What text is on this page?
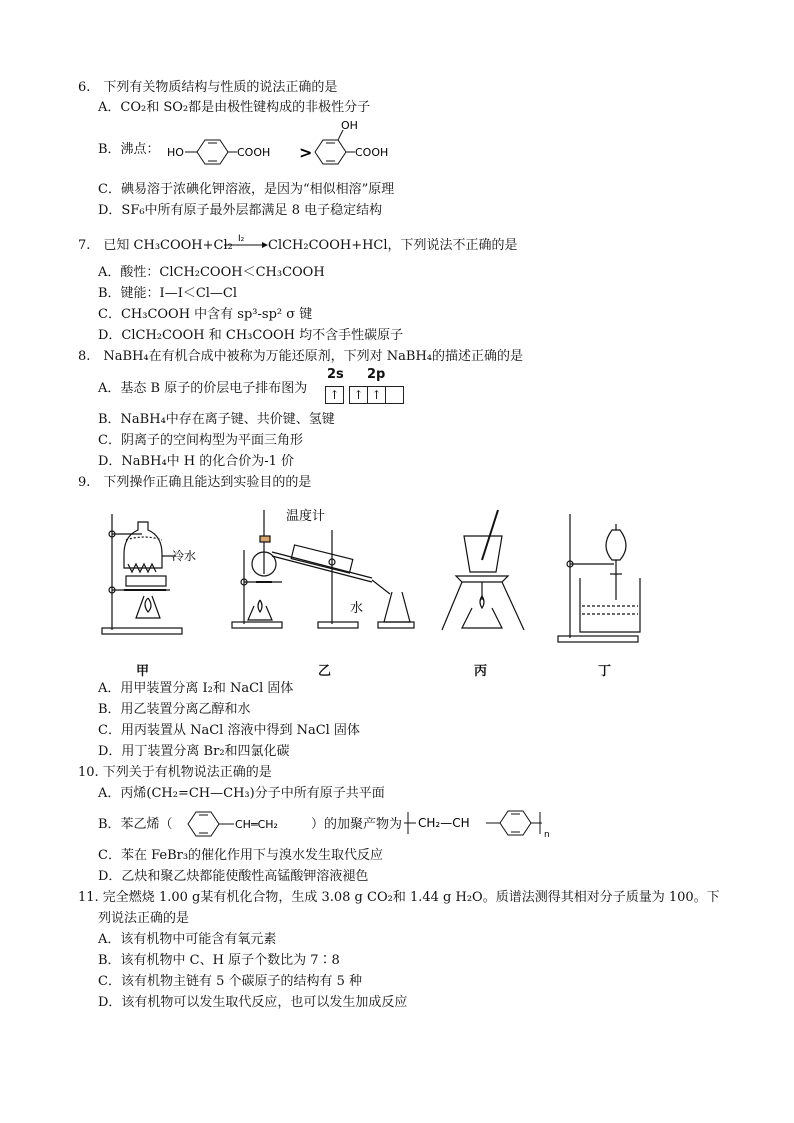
6.　下列有关物质结构与性质的说法正确的是
A．CO₂和 SO₂都是由极性键构成的非极性分子
B．沸点： HO	COOH >
OH
COOH
C．碘易溶于浓碘化钾溶液，是因为“相似相溶”原理
D．SF₆中所有原子最外层都满足 8 电子稳定结构
7.　已知 CH₃COOH+Cl₂ I₂ ClCH₂COOH+HCl，下列说法不正确的是
A．酸性：ClCH₂COOH＜CH₃COOH
B．键能：I—I＜Cl—Cl
C．CH₃COOH 中含有 sp³-sp² σ 键
D．ClCH₂COOH 和 CH₃COOH 均不含手性碳原子
8.　NaBH₄在有机合成中被称为万能还原剂，下列对 NaBH₄的描述正确的是
A．基态 B 原子的价层电子排布图为
2s 2p
↑ ↑ ↑
B．NaBH₄中存在离子键、共价键、氢键
C．阴离子的空间构型为平面三角形
D．NaBH₄中 H 的化合价为-1 价
9.　下列操作正确且能达到实验目的的是
冷水
温度计
水
甲	乙	丙	丁
A．用甲装置分离 I₂和 NaCl 固体
B．用乙装置分离乙醇和水
C．用丙装置从 NaCl 溶液中得到 NaCl 固体
D．用丁装置分离 Br₂和四氯化碳
10. 下列关于有机物说法正确的是
A．丙烯(CH₂=CH—CH₃)分子中所有原子共平面
B．苯乙烯（	CH═CH₂	）的加聚产物为 CH₂—CH
n
C．苯在 FeBr₃的催化作用下与溴水发生取代反应
D．乙炔和聚乙炔都能使酸性高锰酸钾溶液褪色
11. 完全燃烧 1.00 g某有机化合物，生成 3.08 g CO₂和 1.44 g H₂O。质谱法测得其相对分子质量为 100。下
列说法正确的是
A．该有机物中可能含有氧元素
B．该有机物中 C、H 原子个数比为 7∶8
C．该有机物主链有 5 个碳原子的结构有 5 种
D．该有机物可以发生取代反应，也可以发生加成反应
